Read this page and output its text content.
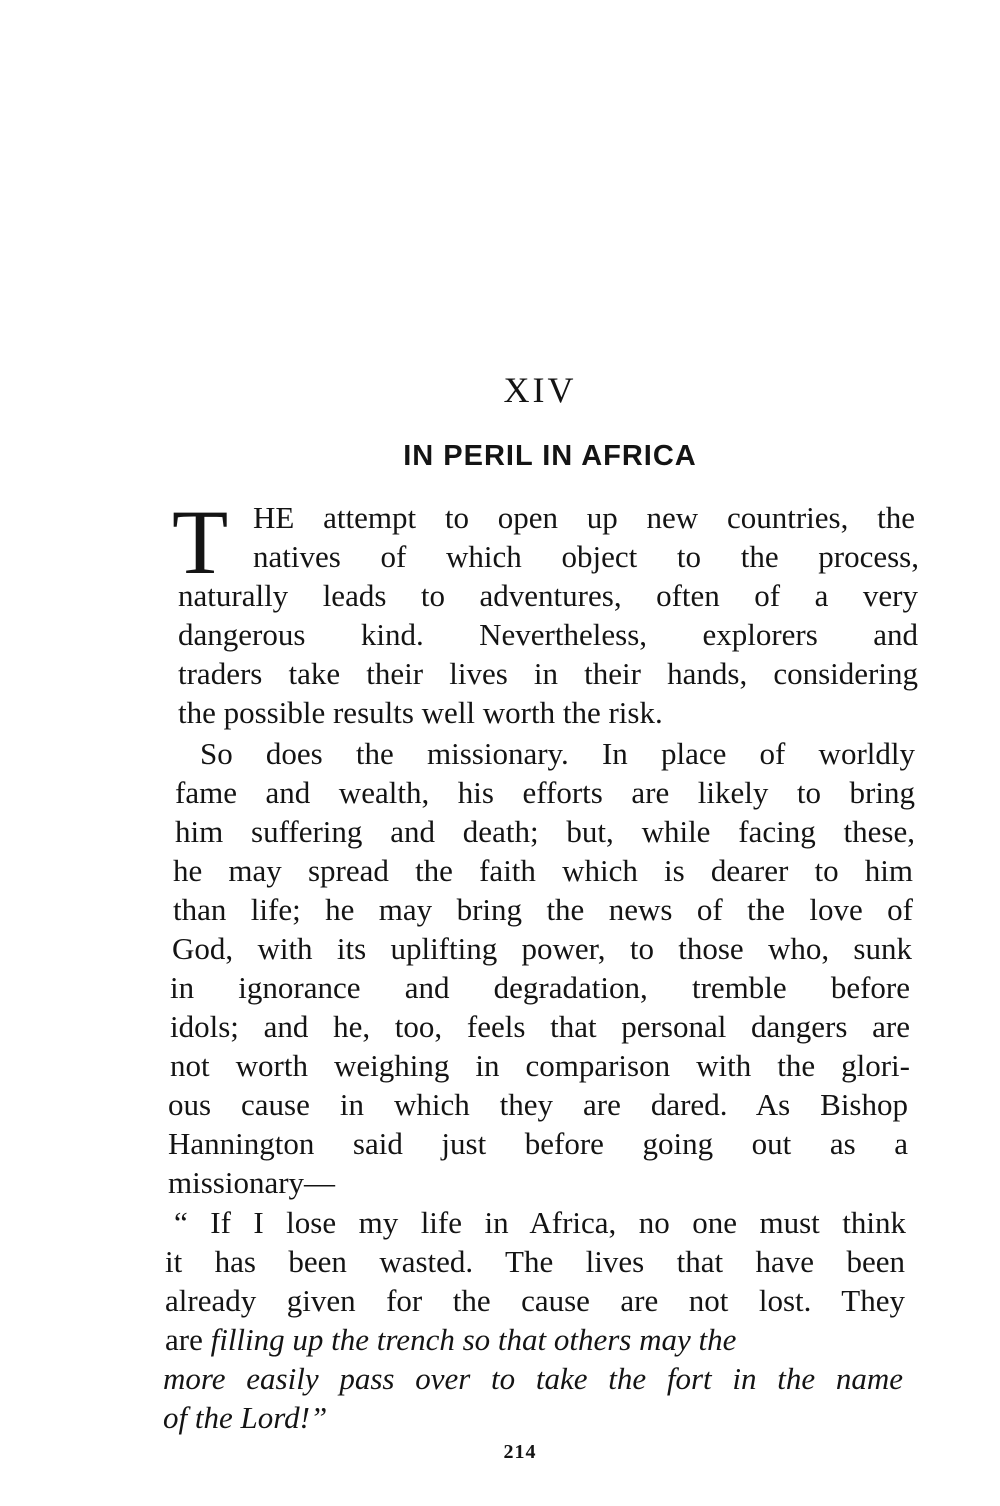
XIV
IN PERIL IN AFRICA
T HE attempt to open up new countries, the
natives of which object to the process,
naturally leads to adventures, often of a very
dangerous kind. Nevertheless, explorers and
traders take their lives in their hands, considering
the possible results well worth the risk.
So does the missionary. In place of worldly
fame and wealth, his efforts are likely to bring
him suffering and death; but, while facing these,
he may spread the faith which is dearer to him
than life; he may bring the news of the love of
God, with its uplifting power, to those who, sunk
in ignorance and degradation, tremble before
idols; and he, too, feels that personal dangers are
not worth weighing in comparison with the glori-
ous cause in which they are dared. As Bishop
Hannington said just before going out as a
missionary—
“ If I lose my life in Africa, no one must think
it has been wasted. The lives that have been
already given for the cause are not lost. They
are filling up the trench so that others may the
more easily pass over to take the fort in the name
of the Lord!”
214
